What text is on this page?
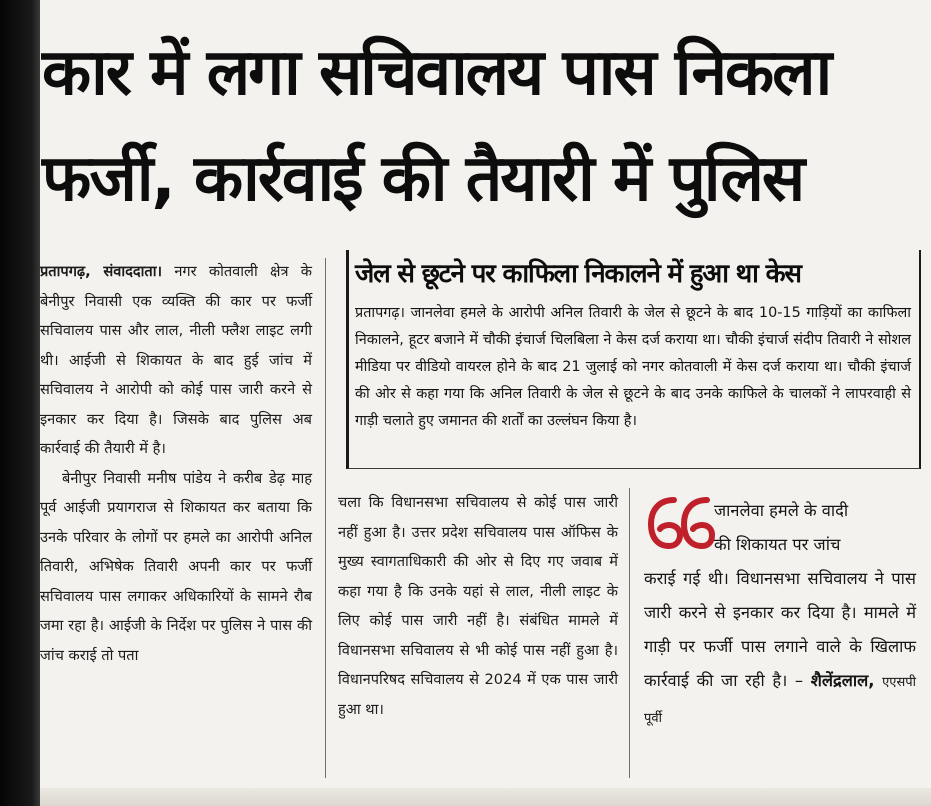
कार में लगा सचिवालय पास निकला
फर्जी, कार्रवाई की तैयारी में पुलिस

प्रतापगढ़, संवाददाता। नगर कोतवाली क्षेत्र के बेनीपुर निवासी एक व्यक्ति की कार पर फर्जी सचिवालय पास और लाल, नीली फ्लैश लाइट लगी थी। आईजी से शिकायत के बाद हुई जांच में सचिवालय ने आरोपी को कोई पास जारी करने से इनकार कर दिया है। जिसके बाद पुलिस अब कार्रवाई की तैयारी में है।

बेनीपुर निवासी मनीष पांडेय ने करीब डेढ़ माह पूर्व आईजी प्रयागराज से शिकायत कर बताया कि उनके परिवार के लोगों पर हमले का आरोपी अनिल तिवारी, अभिषेक तिवारी अपनी कार पर फर्जी सचिवालय पास लगाकर अधिकारियों के सामने रौब जमा रहा है। आईजी के निर्देश पर पुलिस ने पास की जांच कराई तो पता

जेल से छूटने पर काफिला निकालने में हुआ था केस
प्रतापगढ़। जानलेवा हमले के आरोपी अनिल तिवारी के जेल से छूटने के बाद 10-15 गाड़ियों का काफिला निकालने, हूटर बजाने में चौकी इंचार्ज चिलबिला ने केस दर्ज कराया था। चौकी इंचार्ज संदीप तिवारी ने सोशल मीडिया पर वीडियो वायरल होने के बाद 21 जुलाई को नगर कोतवाली में केस दर्ज कराया था। चौकी इंचार्ज की ओर से कहा गया कि अनिल तिवारी के जेल से छूटने के बाद उनके काफिले के चालकों ने लापरवाही से गाड़ी चलाते हुए जमानत की शर्तों का उल्लंघन किया है।

चला कि विधानसभा सचिवालय से कोई पास जारी नहीं हुआ है। उत्तर प्रदेश सचिवालय पास ऑफिस के मुख्य स्वागताधिकारी की ओर से दिए गए जवाब में कहा गया है कि उनके यहां से लाल, नीली लाइट के लिए कोई पास जारी नहीं है। संबंधित मामले में विधानसभा सचिवालय से भी कोई पास नहीं हुआ है। विधानपरिषद सचिवालय से 2024 में एक पास जारी हुआ था।

जानलेवा हमले के वादी
की शिकायत पर जांच
कराई गई थी। विधानसभा सचिवालय ने पास जारी करने से इनकार कर दिया है। मामले में गाड़ी पर फर्जी पास लगाने वाले के खिलाफ कार्रवाई की जा रही है। – शैलेंद्रलाल, एएसपी पूर्वी
